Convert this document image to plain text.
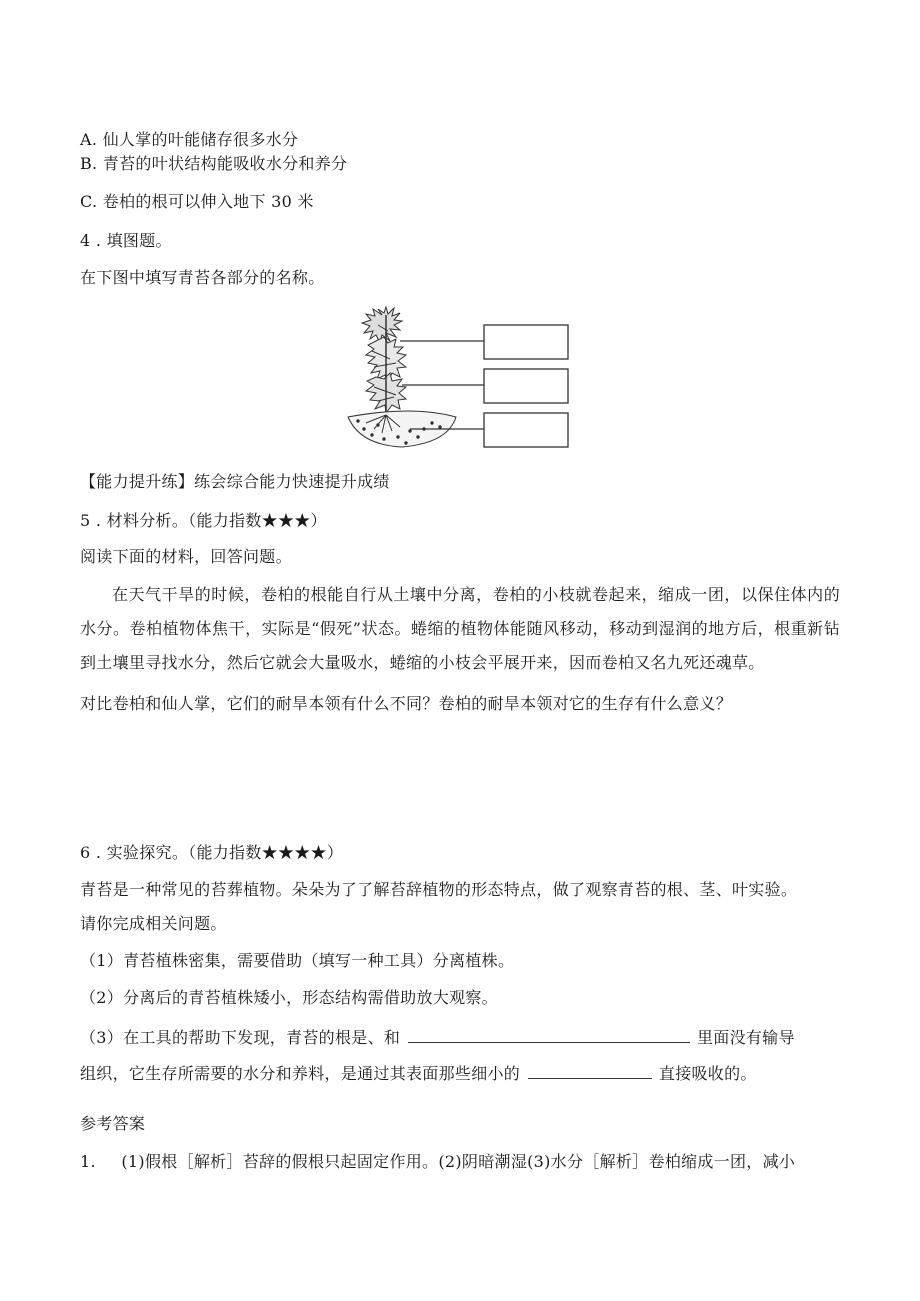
A. 仙人掌的叶能储存很多水分
B. 青苔的叶状结构能吸收水分和养分
C. 卷柏的根可以伸入地下 30 米
4 . 填图题。
在下图中填写青苔各部分的名称。
【能力提升练】练会综合能力快速提升成绩
5 . 材料分析。（能力指数★★★）
阅读下面的材料，回答问题。
在天气干旱的时候，卷柏的根能自行从土壤中分离，卷柏的小枝就卷起来，缩成一团，以保住体内的水分。卷柏植物体焦干，实际是“假死”状态。蜷缩的植物体能随风移动，移动到湿润的地方后，根重新钻到土壤里寻找水分，然后它就会大量吸水，蜷缩的小枝会平展开来，因而卷柏又名九死还魂草。
对比卷柏和仙人掌，它们的耐旱本领有什么不同？卷柏的耐旱本领对它的生存有什么意义？
6 . 实验探究。（能力指数★★★★）
青苔是一种常见的苔葬植物。朵朵为了了解苔辞植物的形态特点，做了观察青苔的根、茎、叶实验。
请你完成相关问题。
（1）青苔植株密集，需要借助（填写一种工具）分离植株。
（2）分离后的青苔植株矮小，形态结构需借助放大观察。
（3）在工具的帮助下发现，青苔的根是、和	里面没有输导
组织，它生存所需要的水分和养料，是通过其表面那些细小的	直接吸收的。
参考答案
1. (1)假根［解析］苔辞的假根只起固定作用。(2)阴暗潮湿(3)水分［解析］卷柏缩成一团，减小
